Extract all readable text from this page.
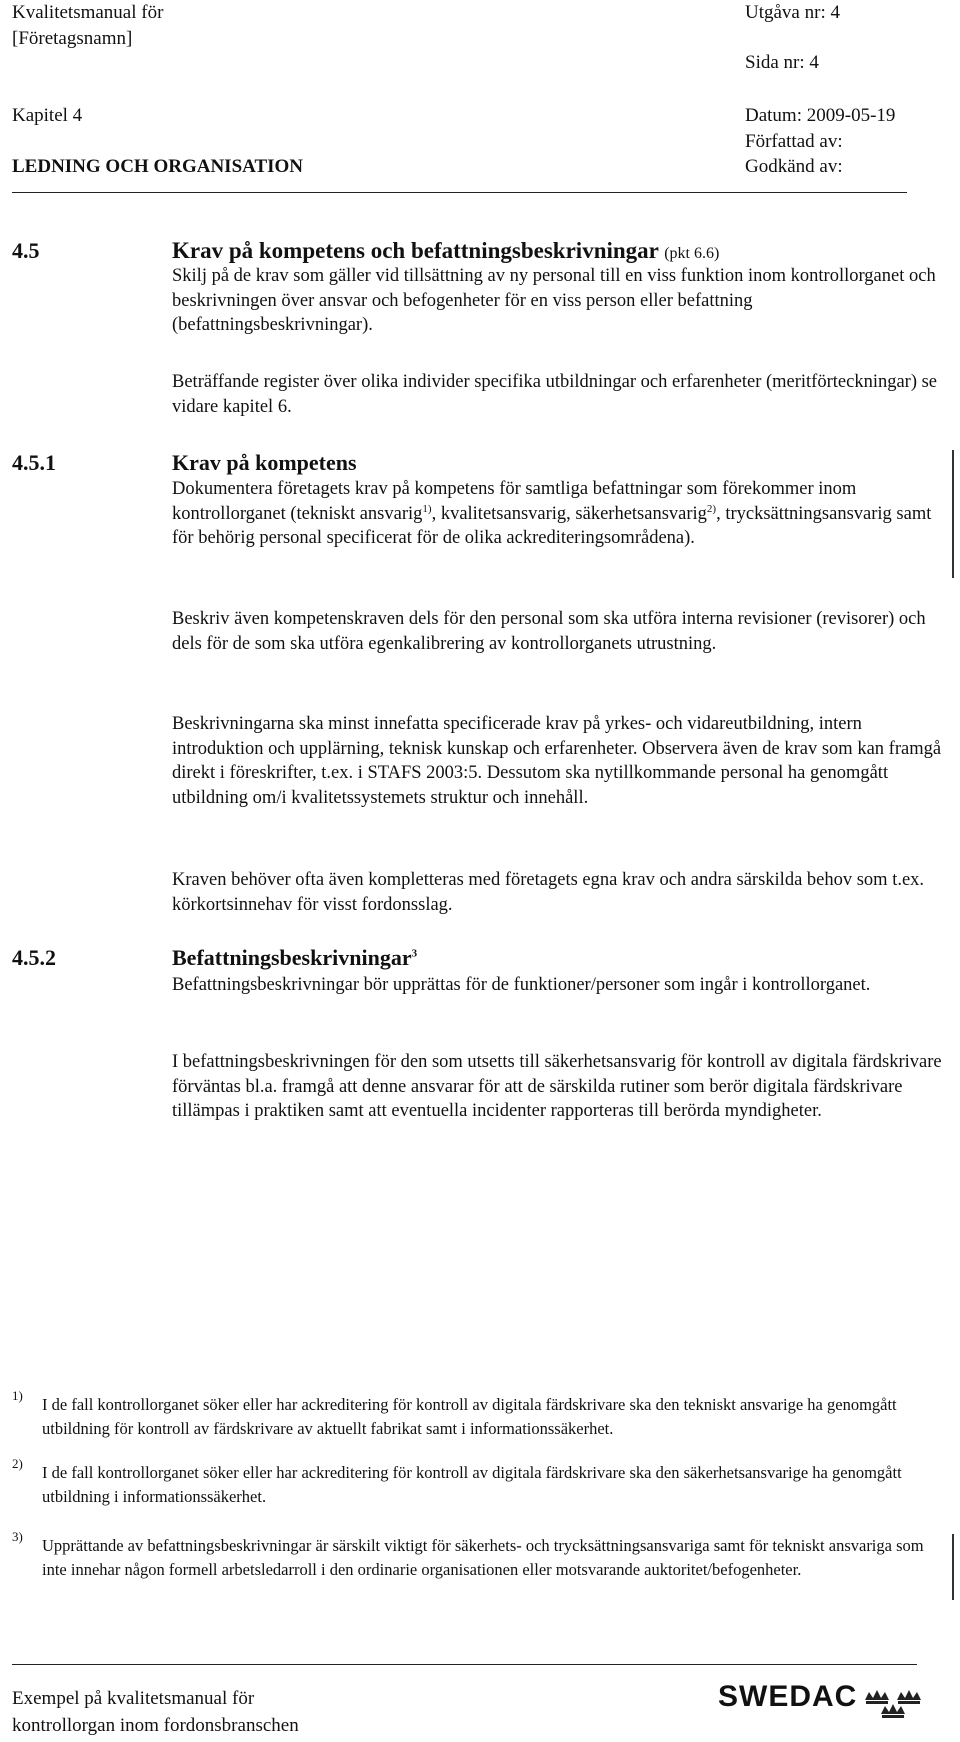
Kvalitetsmanual för
[Företagsnamn]
Utgåva nr: 4
Sida nr: 4
Kapitel 4	Datum: 2009-05-19
Författad av:
LEDNING OCH ORGANISATION	Godkänd av:
4.5	Krav på kompetens och befattningsbeskrivningar (pkt 6.6)
Skilj på de krav som gäller vid tillsättning av ny personal till en viss funktion inom kontrollorganet och beskrivningen över ansvar och befogenheter för en viss person eller befattning (befattningsbeskrivningar).
Beträffande register över olika individer specifika utbildningar och erfarenheter (meritförteckningar) se vidare kapitel 6.
4.5.1	Krav på kompetens
Dokumentera företagets krav på kompetens för samtliga befattningar som förekommer inom kontrollorganet (tekniskt ansvarig$^{1)}$, kvalitetsansvarig, säkerhetsansvarig$^{2)}$, trycksättningsansvarig samt för behörig personal specificerat för de olika ackrediteringsområdena).
Beskriv även kompetenskraven dels för den personal som ska utföra interna revisioner (revisorer) och dels för de som ska utföra egenkalibrering av kontrollorganets utrustning.
Beskrivningarna ska minst innefatta specificerade krav på yrkes- och vidareutbildning, intern introduktion och upplärning, teknisk kunskap och erfarenheter. Observera även de krav som kan framgå direkt i föreskrifter, t.ex. i STAFS 2003:5. Dessutom ska nytillkommande personal ha genomgått utbildning om/i kvalitetssystemets struktur och innehåll.
Kraven behöver ofta även kompletteras med företagets egna krav och andra särskilda behov som t.ex. körkortsinnehav för visst fordonsslag.
4.5.2	Befattningsbeskrivningar$^3$
Befattningsbeskrivningar bör upprättas för de funktioner/personer som ingår i kontrollorganet.
I befattningsbeskrivningen för den som utsetts till säkerhetsansvarig för kontroll av digitala färdskrivare förväntas bl.a. framgå att denne ansvarar för att de särskilda rutiner som berör digitala färdskrivare tillämpas i praktiken samt att eventuella incidenter rapporteras till berörda myndigheter.
1) I de fall kontrollorganet söker eller har ackreditering för kontroll av digitala färdskrivare ska den tekniskt ansvarige ha genomgått utbildning för kontroll av färdskrivare av aktuellt fabrikat samt i informationssäkerhet.
2) I de fall kontrollorganet söker eller har ackreditering för kontroll av digitala färdskrivare ska den säkerhetsansvarige ha genomgått utbildning i informationssäkerhet.
3) Upprättande av befattningsbeskrivningar är särskilt viktigt för säkerhets- och trycksättningsansvariga samt för tekniskt ansvariga som inte innehar någon formell arbetsledarroll i den ordinarie organisationen eller motsvarande auktoritet/befogenheter.
Exempel på kvalitetsmanual för
kontrollorgan inom fordonsbranschen
SWEDAC
